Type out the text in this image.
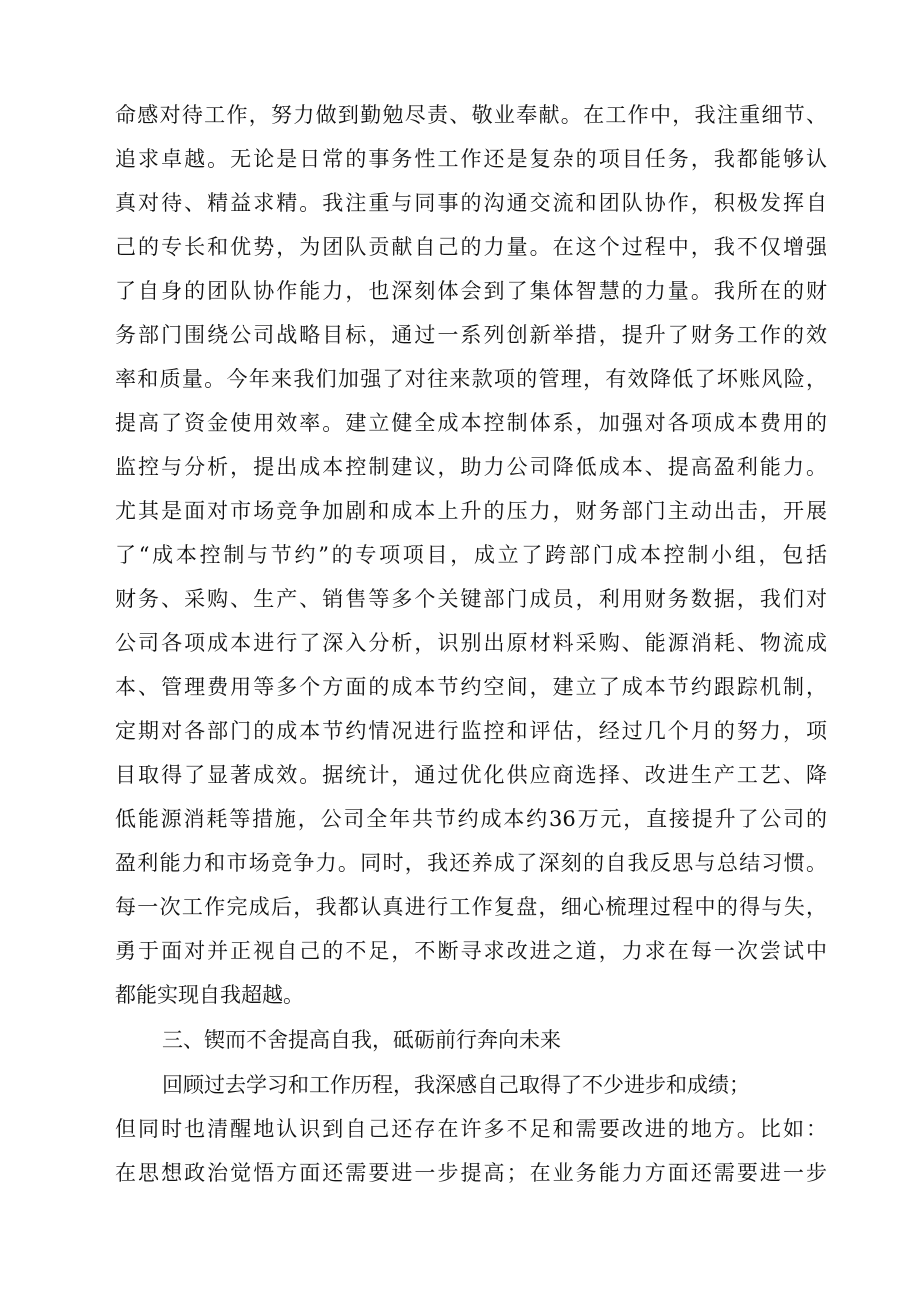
命感对待工作，努力做到勤勉尽责、敬业奉献。在工作中，我注重细节、
追求卓越。无论是日常的事务性工作还是复杂的项目任务，我都能够认
真对待、精益求精。我注重与同事的沟通交流和团队协作，积极发挥自
己的专长和优势，为团队贡献自己的力量。在这个过程中，我不仅增强
了自身的团队协作能力，也深刻体会到了集体智慧的力量。我所在的财
务部门围绕公司战略目标，通过一系列创新举措，提升了财务工作的效
率和质量。今年来我们加强了对往来款项的管理，有效降低了坏账风险，
提高了资金使用效率。建立健全成本控制体系，加强对各项成本费用的
监控与分析，提出成本控制建议，助力公司降低成本、提高盈利能力。
尤其是面对市场竞争加剧和成本上升的压力，财务部门主动出击，开展
了“成本控制与节约”的专项项目，成立了跨部门成本控制小组，包括
财务、采购、生产、销售等多个关键部门成员，利用财务数据，我们对
公司各项成本进行了深入分析，识别出原材料采购、能源消耗、物流成
本、管理费用等多个方面的成本节约空间，建立了成本节约跟踪机制，
定期对各部门的成本节约情况进行监控和评估，经过几个月的努力，项
目取得了显著成效。据统计，通过优化供应商选择、改进生产工艺、降
低能源消耗等措施，公司全年共节约成本约36万元，直接提升了公司的
盈利能力和市场竞争力。同时，我还养成了深刻的自我反思与总结习惯。
每一次工作完成后，我都认真进行工作复盘，细心梳理过程中的得与失，
勇于面对并正视自己的不足，不断寻求改进之道，力求在每一次尝试中
都能实现自我超越。
三、锲而不舍提高自我，砥砺前行奔向未来
回顾过去学习和工作历程，我深感自己取得了不少进步和成绩；
但同时也清醒地认识到自己还存在许多不足和需要改进的地方。比如：
在思想政治觉悟方面还需要进一步提高；在业务能力方面还需要进一步
